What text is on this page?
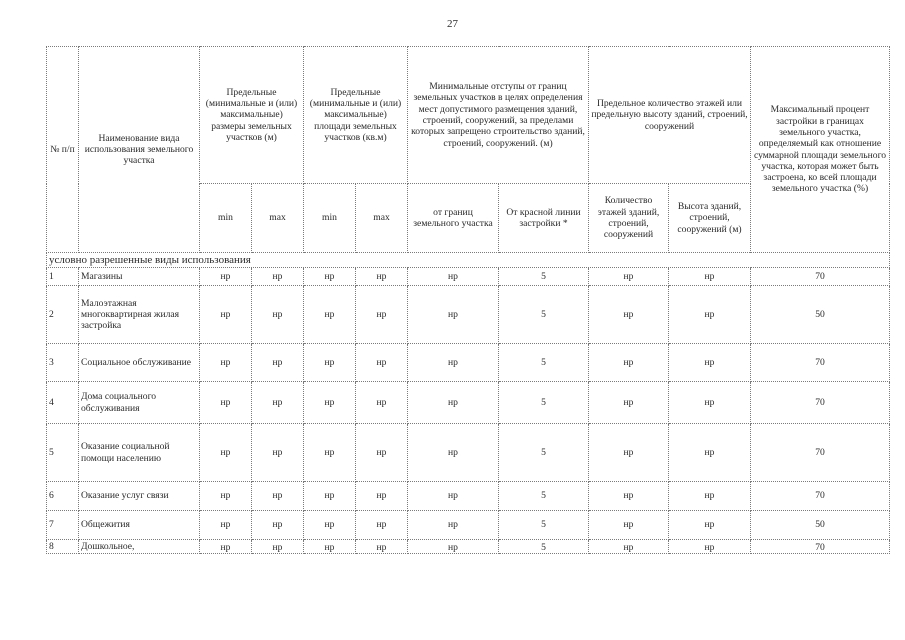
27
№ п/п	Наименование вида использования земельного участка	Предельные (минимальные и (или) максимальные) размеры земельных участков (м)		Предельные (минимальные и (или) максимальные) площади земельных участков (кв.м)		Минимальные отступы от границ земельных участков в целях определения мест допустимого размещения зданий, строений, сооружений, за пределами которых запрещено строительство зданий, строений, сооружений. (м)		Предельное количество этажей или предельную высоту зданий, строений, сооружений		Максимальный процент застройки в границах земельного участка, определяемый как отношение суммарной площади земельного участка, которая может быть застроена, ко всей площади земельного участка (%)
		min	max	min	max	от границ земельного участка	От красной линии застройки *	Количество этажей зданий, строений, сооружений	Высота зданий, строений, сооружений (м)	
условно разрешенные виды использования										
1	Магазины	нр	нр	нр	нр	нр	5	нр	нр	70
2	Малоэтажная многоквартирная жилая застройка	нр	нр	нр	нр	нр	5	нр	нр	50
3	Социальное обслуживание	нр	нр	нр	нр	нр	5	нр	нр	70
4	Дома социального обслуживания	нр	нр	нр	нр	нр	5	нр	нр	70
5	Оказание социальной помощи населению	нр	нр	нр	нр	нр	5	нр	нр	70
6	Оказание услуг связи	нр	нр	нр	нр	нр	5	нр	нр	70
7	Общежития	нр	нр	нр	нр	нр	5	нр	нр	50
8	Дошкольное,	нр	нр	нр	нр	нр	5	нр	нр	70
